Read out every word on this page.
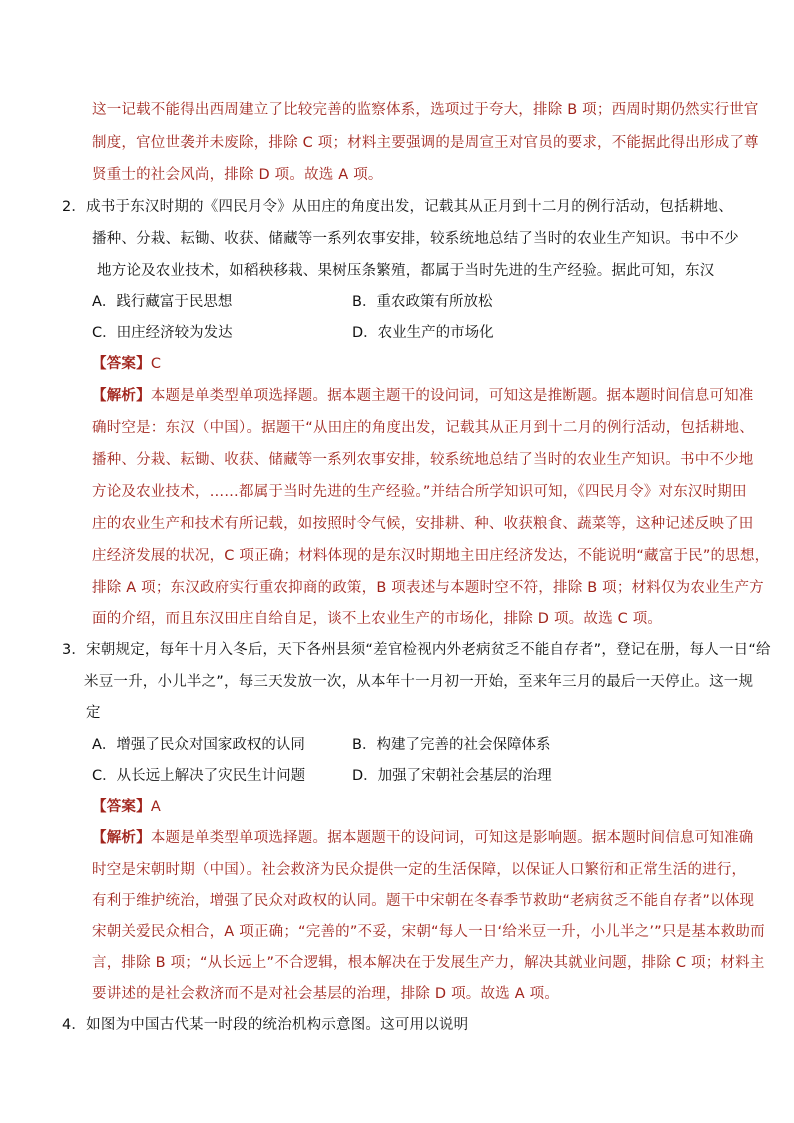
这一记载不能得出西周建立了比较完善的监察体系，选项过于夸大，排除 B 项；西周时期仍然实行世官
制度，官位世袭并未废除，排除 C 项；材料主要强调的是周宣王对官员的要求，不能据此得出形成了尊
贤重士的社会风尚，排除 D 项。故选 A 项。
2．成书于东汉时期的《四民月令》从田庄的角度出发，记载其从正月到十二月的例行活动，包括耕地、
播种、分栽、耘锄、收获、储藏等一系列农事安排，较系统地总结了当时的农业生产知识。书中不少
地方论及农业技术，如稻秧移栽、果树压条繁殖，都属于当时先进的生产经验。据此可知，东汉
A．践行藏富于民思想	B．重农政策有所放松
C．田庄经济较为发达	D．农业生产的市场化
【答案】C
【解析】本题是单类型单项选择题。据本题主题干的设问词，可知这是推断题。据本题时间信息可知准
确时空是：东汉（中国）。据题干“从田庄的角度出发，记载其从正月到十二月的例行活动，包括耕地、
播种、分栽、耘锄、收获、储藏等一系列农事安排，较系统地总结了当时的农业生产知识。书中不少地
方论及农业技术，……都属于当时先进的生产经验。”并结合所学知识可知，《四民月令》对东汉时期田
庄的农业生产和技术有所记载，如按照时令气候，安排耕、种、收获粮食、蔬菜等，这种记述反映了田
庄经济发展的状况，C 项正确；材料体现的是东汉时期地主田庄经济发达，不能说明“藏富于民”的思想，
排除 A 项；东汉政府实行重农抑商的政策，B 项表述与本题时空不符，排除 B 项；材料仅为农业生产方
面的介绍，而且东汉田庄自给自足，谈不上农业生产的市场化，排除 D 项。故选 C 项。
3．宋朝规定，每年十月入冬后，天下各州县须“差官检视内外老病贫乏不能自存者”，登记在册，每人一日“给
米豆一升，小儿半之”，每三天发放一次，从本年十一月初一开始，至来年三月的最后一天停止。这一规
定
A．增强了民众对国家政权的认同	B．构建了完善的社会保障体系
C．从长远上解决了灾民生计问题	D．加强了宋朝社会基层的治理
【答案】A
【解析】本题是单类型单项选择题。据本题题干的设问词，可知这是影响题。据本题时间信息可知准确
时空是宋朝时期（中国）。社会救济为民众提供一定的生活保障，以保证人口繁衍和正常生活的进行，
有利于维护统治，增强了民众对政权的认同。题干中宋朝在冬春季节救助“老病贫乏不能自存者”以体现
宋朝关爱民众相合，A 项正确；“完善的”不妥，宋朝“每人一日‘给米豆一升，小儿半之’”只是基本救助而
言，排除 B 项；“从长远上”不合逻辑，根本解决在于发展生产力，解决其就业问题，排除 C 项；材料主
要讲述的是社会救济而不是对社会基层的治理，排除 D 项。故选 A 项。
4．如图为中国古代某一时段的统治机构示意图。这可用以说明
